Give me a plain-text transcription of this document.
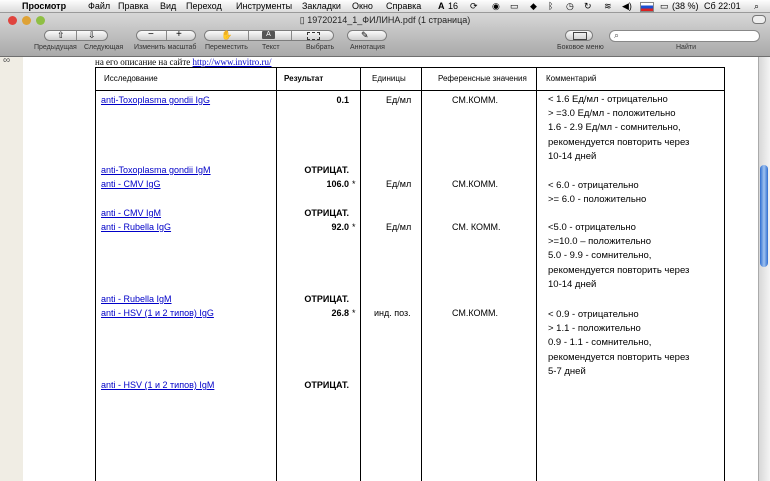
Просмотр Файл Правка Вид Переход Инструменты Закладки Окно Справка A 16 ⟳ ◉ ▭ ◆ ᛒ ◷ ↻ ≋ ◀)	▭ (38 %) Сб 22:01 ⌕
▯ 19720214_1_ФИЛИНА.pdf (1 страница)
⇧	⇩
Предыдущая Следующая
− +
Изменить масштаб
✋	A
Переместить Текст	Выбрать
✎
Аннотация	Боковое меню
⌕
Найти
∞	на его описание на сайте http://www.invitro.ru/
Исследование	Результат	Единицы	Референсные значения Комментарий
anti-Toxoplasma gondii IgG	0.1	Ед/мл	СМ.КОММ.	< 1.6 Ед/мл - отрицательно
> =3.0 Ед/мл - положительно
1.6 - 2.9 Ед/мл - сомнительно,
рекомендуется повторить через
10-14 дней
anti-Toxoplasma gondii IgM	ОТРИЦАТ.
anti - CMV IgG	106.0 *	Ед/мл	СМ.КОММ.	< 6.0 - отрицательно
>= 6.0 - положительно
anti - CMV IgM	ОТРИЦАТ.
anti - Rubella IgG	92.0 *	Ед/мл	СМ. КОММ.	<5.0 - отрицательно
>=10.0 – положительно
5.0 - 9.9 - сомнительно,
рекомендуется повторить через
10-14 дней
anti - Rubella IgM	ОТРИЦАТ.
anti - HSV (1 и 2 типов) IgG	26.8 * инд. поз.	СМ.КОММ.	< 0.9 - отрицательно
> 1.1 - положительно
0.9 - 1.1 - сомнительно,
рекомендуется повторить через
5-7 дней
anti - HSV (1 и 2 типов) IgM	ОТРИЦАТ.
